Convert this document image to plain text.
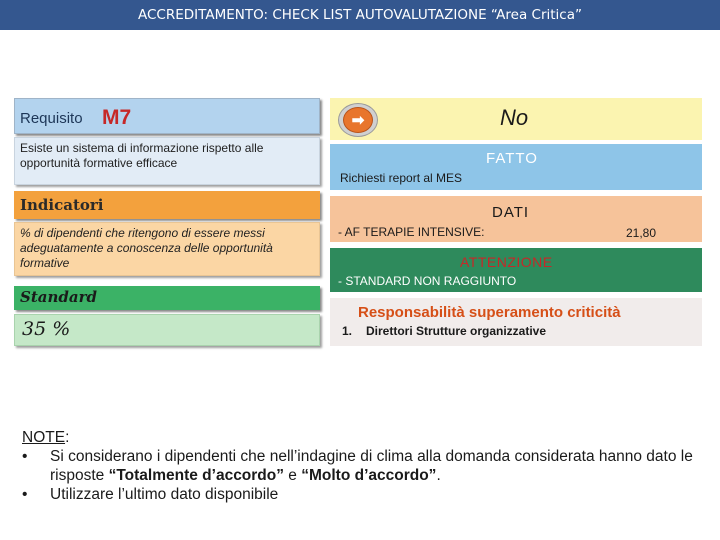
ACCREDITAMENTO: CHECK LIST AUTOVALUTAZIONE “Area Critica”
Requisito M7
Esiste un sistema di informazione rispetto alle opportunità formative efficace
Indicatori
% di dipendenti che ritengono di essere messi adeguatamente a conoscenza delle opportunità formative
Standard
35 %
➡	No
FATTO
Richiesti report al MES
DATI
- AF TERAPIE INTENSIVE:	21,80
ATTENZIONE
- STANDARD NON RAGGIUNTO
Responsabilità superamento criticità
1. Direttori Strutture organizzative
NOTE:
• Si considerano i dipendenti che nell’indagine di clima alla domanda considerata hanno dato le risposte “Totalmente d’accordo” e “Molto d’accordo”.
• Utilizzare l’ultimo dato disponibile
